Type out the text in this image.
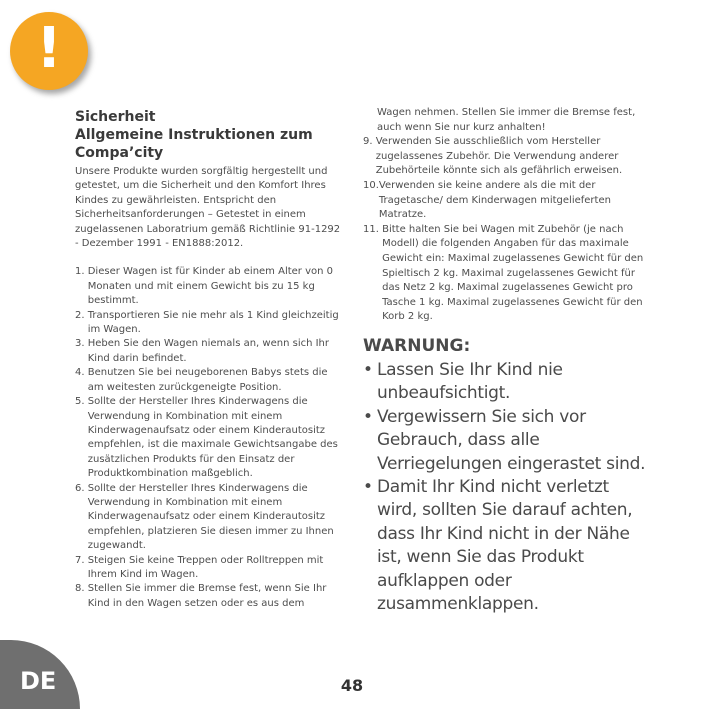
!

Sicherheit

Allgemeine Instruktionen zum

Compa’city

Unsere Produkte wurden sorgfältig hergestellt und getestet, um die Sicherheit und den Komfort Ihres Kindes zu gewährleisten. Entspricht den Sicherheitsanforderungen – Getestet in einem zugelassenen Laboratrium gemäß Richtlinie 91-1292 - Dezember 1991 - EN1888:2012.

1. Dieser Wagen ist für Kinder ab einem Alter von 0 Monaten und mit einem Gewicht bis zu 15 kg bestimmt.
2. Transportieren Sie nie mehr als 1 Kind gleichzeitig im Wagen.
3. Heben Sie den Wagen niemals an, wenn sich Ihr Kind darin befindet.
4. Benutzen Sie bei neugeborenen Babys stets die am weitesten zurückgeneigte Position.
5. Sollte der Hersteller Ihres Kinderwagens die Verwendung in Kombination mit einem Kinderwagenaufsatz oder einem Kinderautositz empfehlen, ist die maximale Gewichtsangabe des zusätzlichen Produkts für den Einsatz der Produktkombination maßgeblich.
6. Sollte der Hersteller Ihres Kinderwagens die Verwendung in Kombination mit einem Kinderwagenaufsatz oder einem Kinderautositz empfehlen, platzieren Sie diesen immer zu Ihnen zugewandt.
7. Steigen Sie keine Treppen oder Rolltreppen mit Ihrem Kind im Wagen.
8. Stellen Sie immer die Bremse fest, wenn Sie Ihr Kind in den Wagen setzen oder es aus dem

Wagen nehmen. Stellen Sie immer die Bremse fest, auch wenn Sie nur kurz anhalten!

9. Verwenden Sie ausschließlich vom Hersteller zugelassenes Zubehör. Die Verwendung anderer Zubehörteile könnte sich als gefährlich erweisen.
10. Verwenden sie keine andere als die mit der Tragetasche/ dem Kinderwagen mitgelieferten Matratze.
11. Bitte halten Sie bei Wagen mit Zubehör (je nach Modell) die folgenden Angaben für das maximale Gewicht ein: Maximal zugelassenes Gewicht für den Spieltisch 2 kg. Maximal zugelassenes Gewicht für das Netz 2 kg. Maximal zugelassenes Gewicht pro Tasche 1 kg. Maximal zugelassenes Gewicht für den Korb 2 kg.

WARNUNG:

• Lassen Sie Ihr Kind nie unbeaufsichtigt.
• Vergewissern Sie sich vor Gebrauch, dass alle Verriegelungen eingerastet sind.
• Damit Ihr Kind nicht verletzt wird, sollten Sie darauf achten, dass Ihr Kind nicht in der Nähe ist, wenn Sie das Produkt aufklappen oder zusammenklappen.
DE	48
